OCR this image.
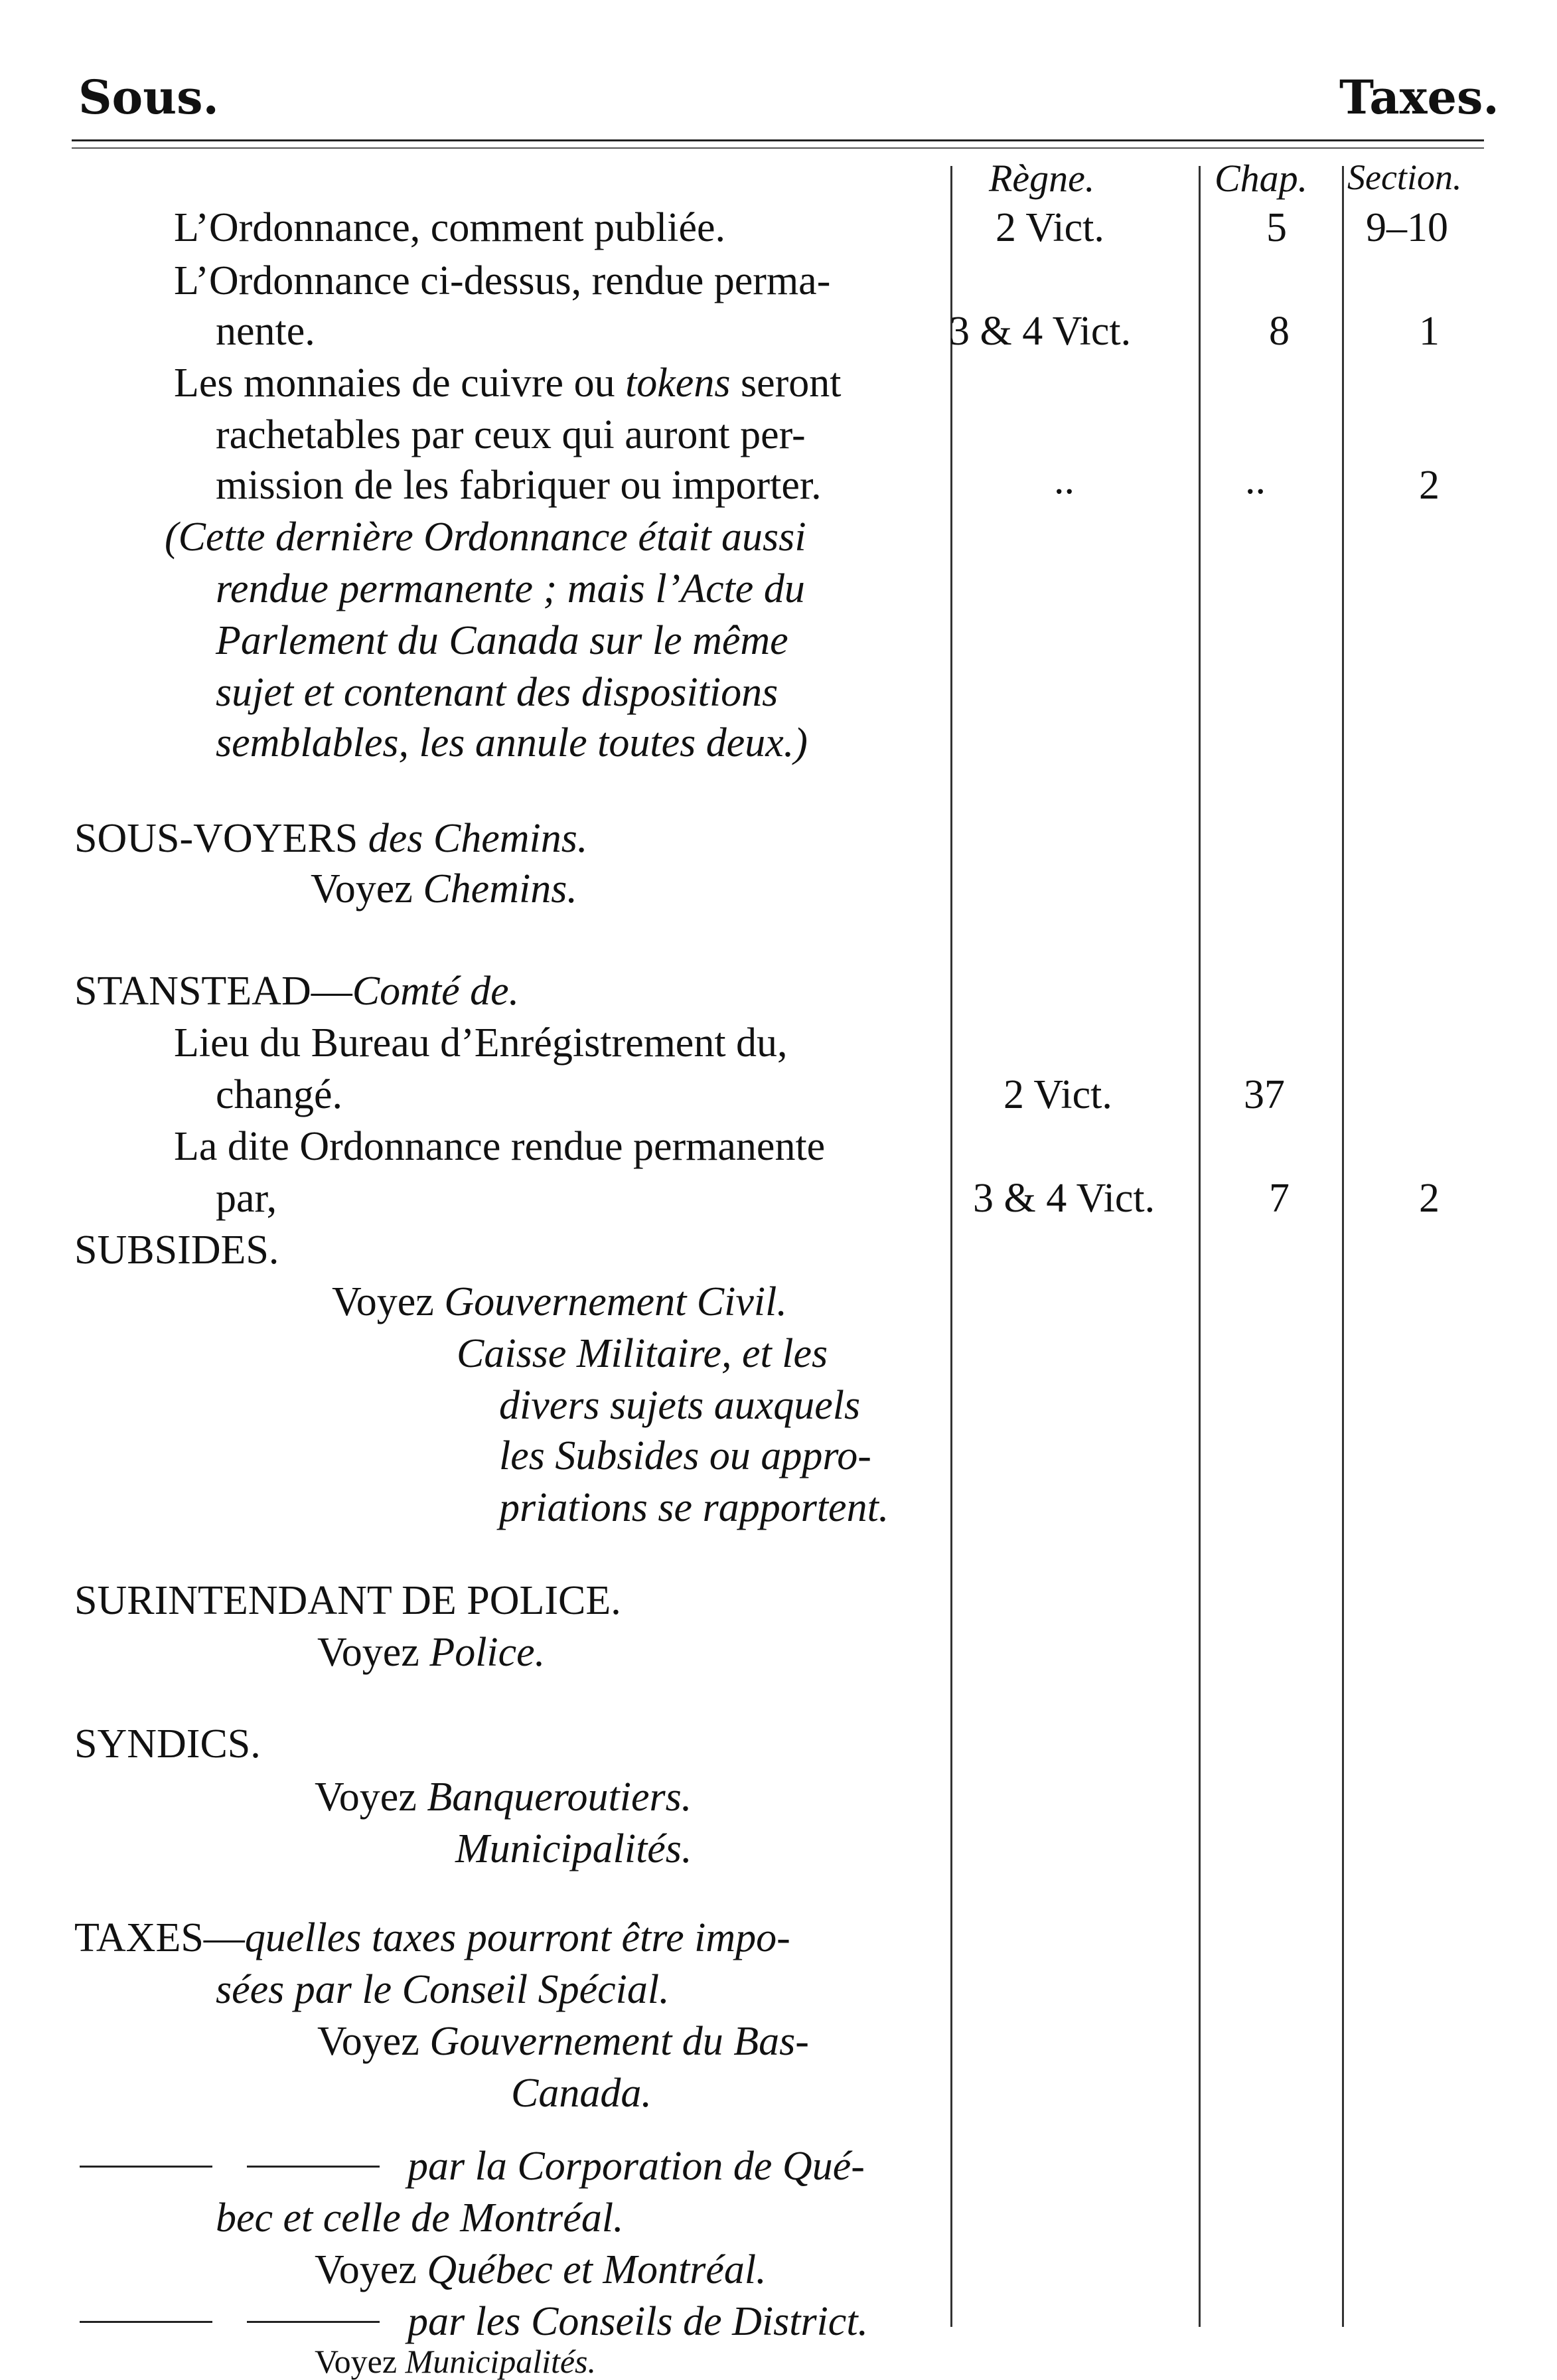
Sous.	Taxes.
Règne.	Chap. Section.
L’Ordonnance, comment publiée.	2 Vict.	5 9–10
L’Ordonnance ci-dessus, rendue perma-
nente.	3 & 4 Vict.	8	1
Les monnaies de cuivre ou tokens seront
rachetables par ceux qui auront per-
mission de les fabriquer ou importer.	..	..	2
(Cette dernière Ordonnance était aussi
rendue permanente ; mais l’Acte du
Parlement du Canada sur le même
sujet et contenant des dispositions
semblables, les annule toutes deux.)
SOUS-VOYERS des Chemins.
Voyez Chemins.
STANSTEAD—Comté de.
Lieu du Bureau d’Enrégistrement du,
changé.	2 Vict.	37
La dite Ordonnance rendue permanente
par,	3 & 4 Vict.	7	2
SUBSIDES.
Voyez Gouvernement Civil.
Caisse Militaire, et les
divers sujets auxquels
les Subsides ou appro-
priations se rapportent.
SURINTENDANT DE POLICE.
Voyez Police.
SYNDICS.
Voyez Banqueroutiers.
Municipalités.
TAXES—quelles taxes pourront être impo-
sées par le Conseil Spécial.
Voyez Gouvernement du Bas-
Canada.
par la Corporation de Qué-
bec et celle de Montréal.
Voyez Québec et Montréal.
par les Conseils de District.
Voyez Municipalités.
